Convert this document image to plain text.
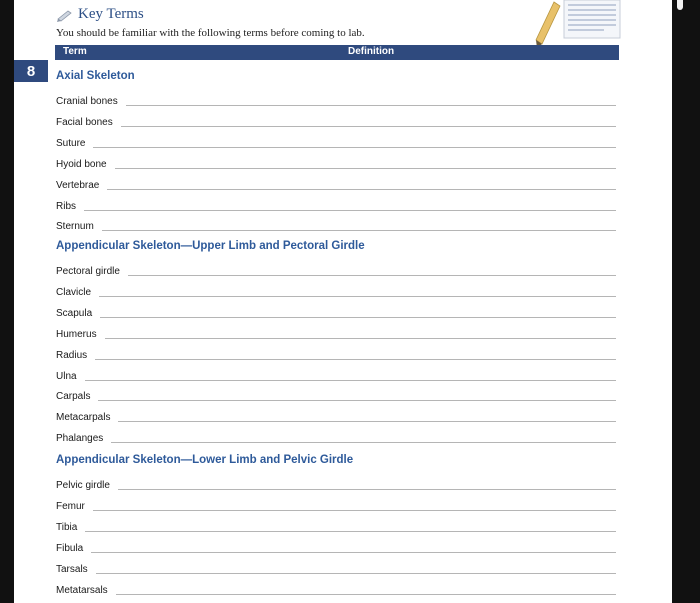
Key Terms
You should be familiar with the following terms before coming to lab.
Term	Definition
8	Axial Skeleton
Cranial bones
Facial bones
Suture
Hyoid bone
Vertebrae
Ribs
Sternum
Appendicular Skeleton—Upper Limb and Pectoral Girdle
Pectoral girdle
Clavicle
Scapula
Humerus
Radius
Ulna
Carpals
Metacarpals
Phalanges
Appendicular Skeleton—Lower Limb and Pelvic Girdle
Pelvic girdle
Femur
Tibia
Fibula
Tarsals
Metatarsals
